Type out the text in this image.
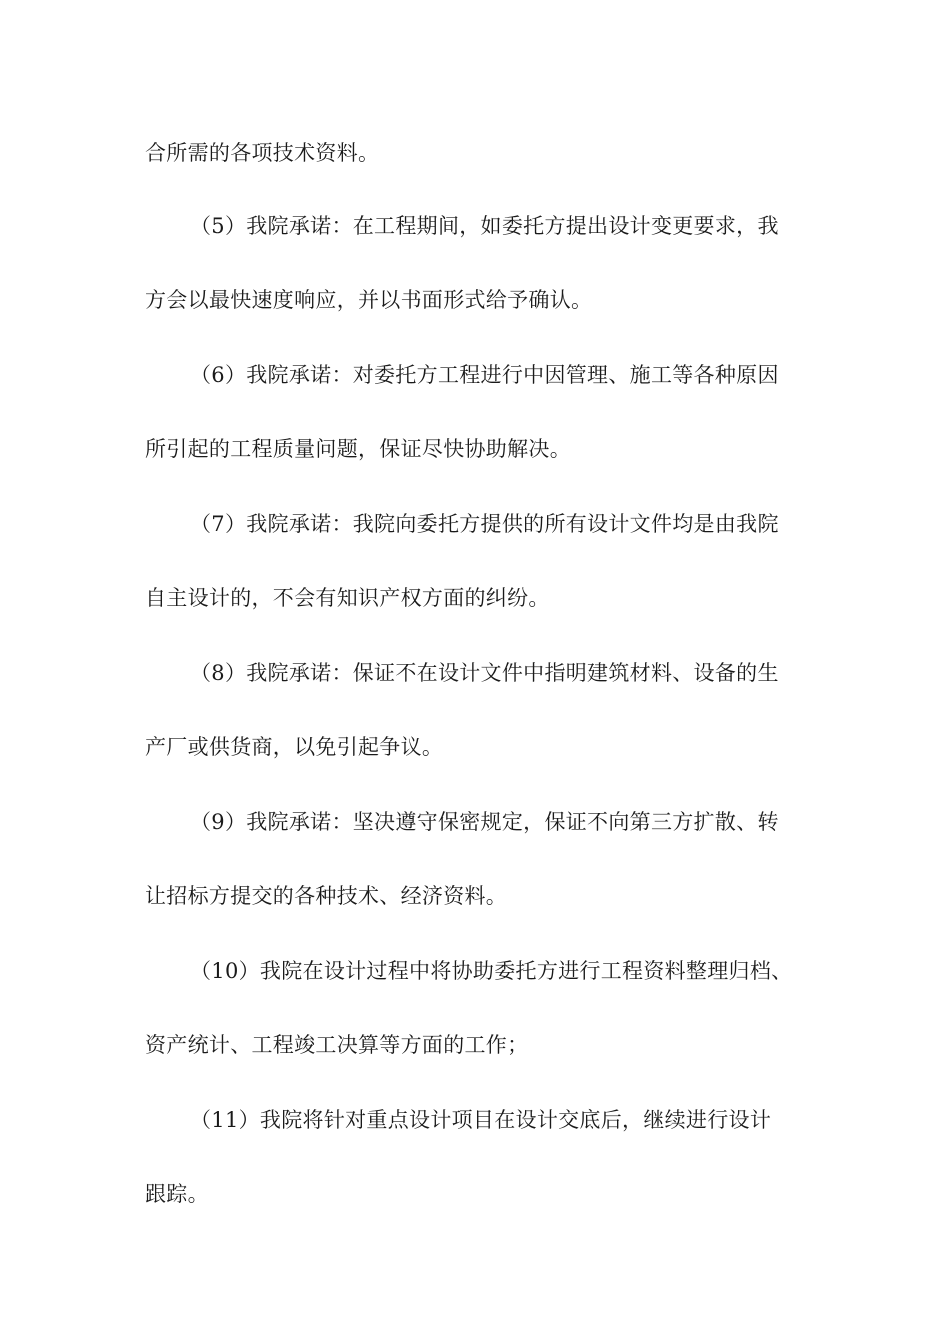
合所需的各项技术资料。
（5）我院承诺：在工程期间，如委托方提出设计变更要求，我
方会以最快速度响应，并以书面形式给予确认。
（6）我院承诺：对委托方工程进行中因管理、施工等各种原因
所引起的工程质量问题，保证尽快协助解决。
（7）我院承诺：我院向委托方提供的所有设计文件均是由我院
自主设计的，不会有知识产权方面的纠纷。
（8）我院承诺：保证不在设计文件中指明建筑材料、设备的生
产厂或供货商，以免引起争议。
（9）我院承诺：坚决遵守保密规定，保证不向第三方扩散、转
让招标方提交的各种技术、经济资料。
（10）我院在设计过程中将协助委托方进行工程资料整理归档、
资产统计、工程竣工决算等方面的工作；
（11）我院将针对重点设计项目在设计交底后，继续进行设计
跟踪。
